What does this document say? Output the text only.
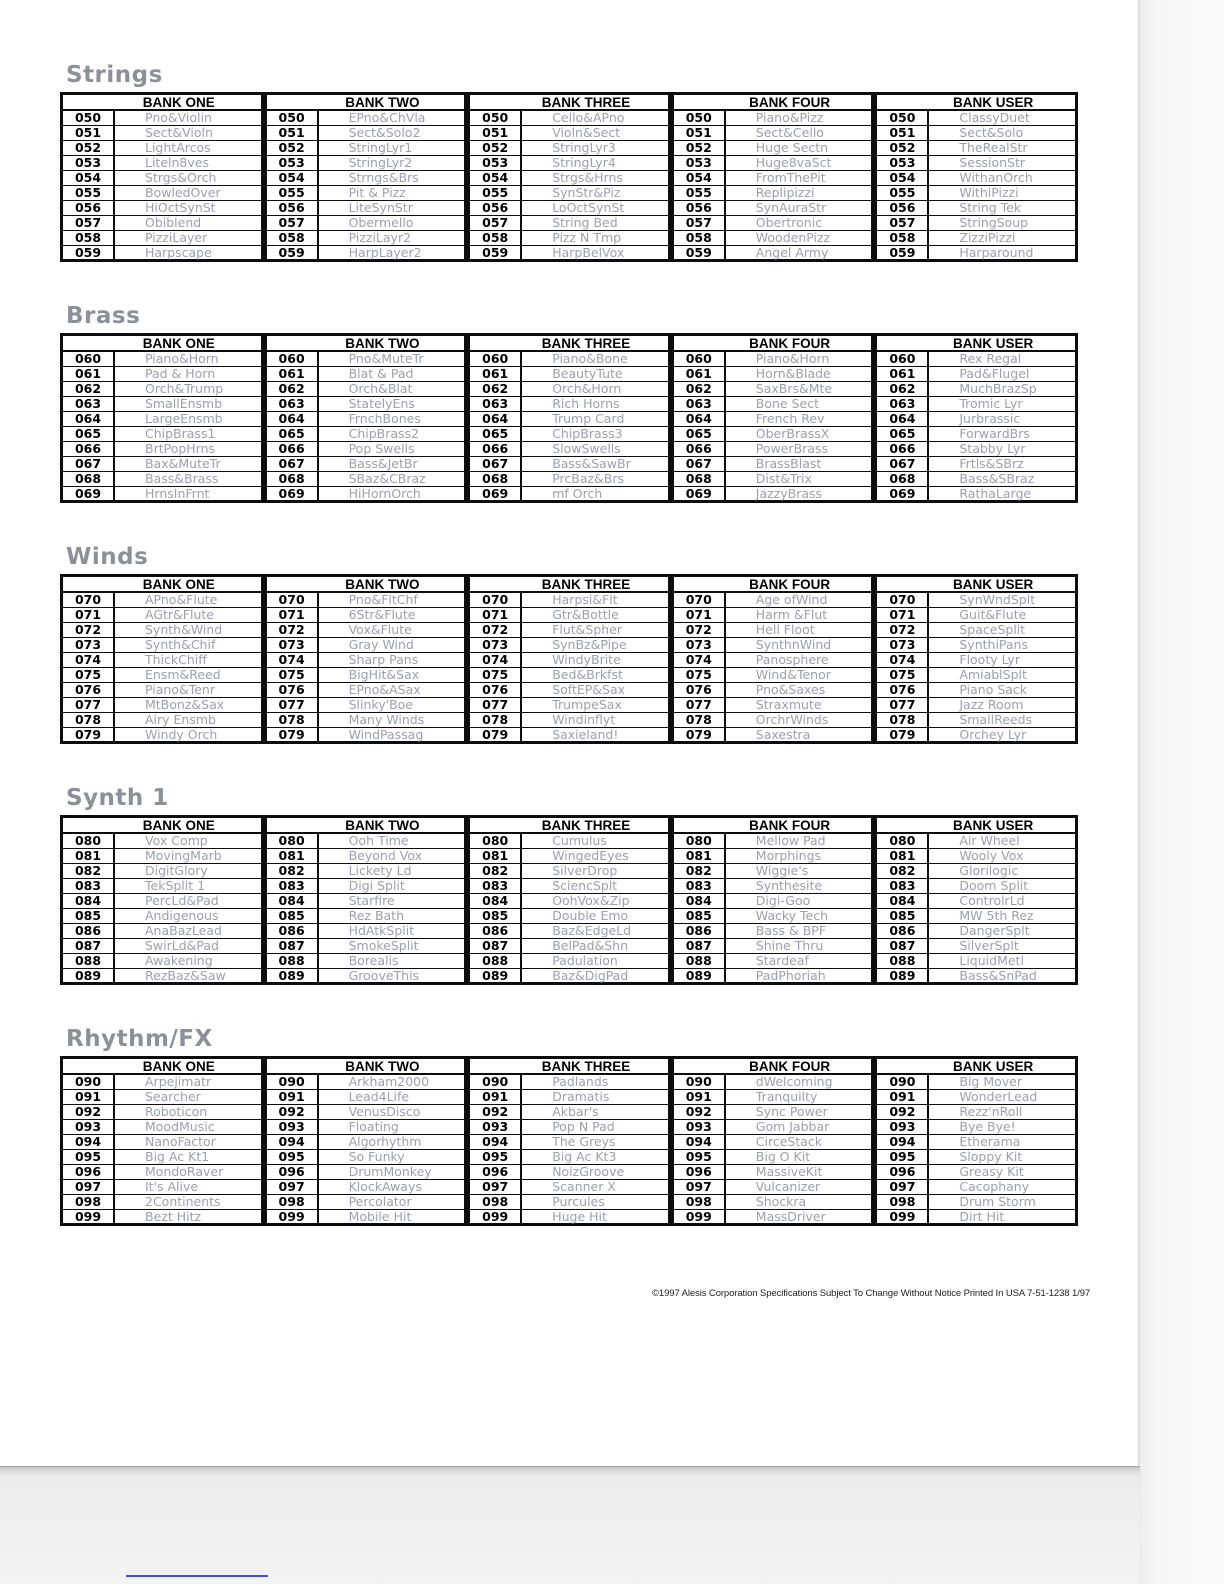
Strings
BANK ONE
050	Pno&Violin
051	Sect&Violn
052	LightArcos
053	Liteln8ves
054	Strgs&Orch
055	BowledOver
056	HiOctSynSt
057	Obiblend
058	PizziLayer
059	Harpscape
BANK TWO
050	EPno&ChVla
051	Sect&Solo2
052	StringLyr1
053	StringLyr2
054	Strngs&Brs
055	Pit & Pizz
056	LiteSynStr
057	Obermello
058	PizziLayr2
059	HarpLayer2
BANK THREE
050	Cello&APno
051	Violn&Sect
052	StringLyr3
053	StringLyr4
054	Strgs&Hrns
055	SynStr&Piz
056	LoOctSynSt
057	String Bed
058	Pizz N Tmp
059	HarpBelVox
BANK FOUR
050	Piano&Pizz
051	Sect&Cello
052	Huge Sectn
053	Huge8vaSct
054	FromThePit
055	Replipizzi
056	SynAuraStr
057	Obertronic
058	WoodenPizz
059	Angel Army
BANK USER
050	ClassyDuet
051	Sect&Solo
052	TheRealStr
053	SessionStr
054	WithanOrch
055	WithiPizzi
056	String Tek
057	StringSoup
058	ZizziPizzi
059	Harparound
Brass
BANK ONE
060	Piano&Horn
061	Pad & Horn
062	Orch&Trump
063	SmallEnsmb
064	LargeEnsmb
065	ChipBrass1
066	BrtPopHrns
067	Bax&MuteTr
068	Bass&Brass
069	HrnsInFrnt
BANK TWO
060	Pno&MuteTr
061	Blat & Pad
062	Orch&Blat
063	StatelyEns
064	FrnchBones
065	ChipBrass2
066	Pop Swells
067	Bass&JetBr
068	SBaz&CBraz
069	HiHornOrch
BANK THREE
060	Piano&Bone
061	BeautyTute
062	Orch&Horn
063	Rich Horns
064	Trump Card
065	ChipBrass3
066	SlowSwells
067	Bass&SawBr
068	PrcBaz&Brs
069	mf Orch
BANK FOUR
060	Piano&Horn
061	Horn&Blade
062	SaxBrs&Mte
063	Bone Sect
064	French Rev
065	OberBrassX
066	PowerBrass
067	BrassBlast
068	Dist&Trix
069	JazzyBrass
BANK USER
060	Rex Regal
061	Pad&Flugel
062	MuchBrazSp
063	Tromic Lyr
064	Jurbrassic
065	ForwardBrs
066	Stabby Lyr
067	Frtls&SBrz
068	Bass&SBraz
069	RathaLarge
Winds
BANK ONE
070	APno&Flute
071	AGtr&Flute
072	Synth&Wind
073	Synth&Chif
074	ThickChiff
075	Ensm&Reed
076	Piano&Tenr
077	MtBonz&Sax
078	Airy Ensmb
079	Windy Orch
BANK TWO
070	Pno&FltChf
071	6Str&Flute
072	Vox&Flute
073	Gray Wind
074	Sharp Pans
075	BigHit&Sax
076	EPno&ASax
077	Slinky'Boe
078	Many Winds
079	WindPassag
BANK THREE
070	Harpsi&Flt
071	Gtr&Bottle
072	Flut&Spher
073	SynBz&Pipe
074	WindyBrite
075	Bed&Brkfst
076	SoftEP&Sax
077	TrumpeSax
078	Windinflyt
079	Saxieland!
BANK FOUR
070	Age ofWind
071	Harm &Flut
072	Hell Floot
073	SynthnWind
074	Panosphere
075	Wind&Tenor
076	Pno&Saxes
077	Straxmute
078	OrchrWinds
079	Saxestra
BANK USER
070	SynWndSplt
071	Guit&Flute
072	SpaceSplit
073	SynthiPans
074	Flooty Lyr
075	AmiablSplt
076	Piano Sack
077	Jazz Room
078	SmallReeds
079	Orchey Lyr
Synth 1
BANK ONE
080	Vox Comp
081	MovingMarb
082	DigitGlory
083	TekSplit 1
084	PercLd&Pad
085	Andigenous
086	AnaBazLead
087	SwirLd&Pad
088	Awakening
089	RezBaz&Saw
BANK TWO
080	Ooh Time
081	Beyond Vox
082	Lickety Ld
083	Digi Split
084	Starfire
085	Rez Bath
086	HdAtkSplit
087	SmokeSplit
088	Borealis
089	GrooveThis
BANK THREE
080	Cumulus
081	WingedEyes
082	SilverDrop
083	SciencSplt
084	OohVox&Zip
085	Double Emo
086	Baz&EdgeLd
087	BelPad&Shn
088	Padulation
089	Baz&DigPad
BANK FOUR
080	Mellow Pad
081	Morphings
082	Wiggie's
083	Synthesite
084	Digi-Goo
085	Wacky Tech
086	Bass & BPF
087	Shine Thru
088	Stardeaf
089	PadPhoriah
BANK USER
080	Air Wheel
081	Wooly Vox
082	Glorilogic
083	Doom Split
084	ControlrLd
085	MW 5th Rez
086	DangerSplt
087	SilverSplt
088	LiquidMetl
089	Bass&SnPad
Rhythm/FX
BANK ONE
090	Arpejimatr
091	Searcher
092	Roboticon
093	MoodMusic
094	NanoFactor
095	Big Ac Kt1
096	MondoRaver
097	It's Alive
098	2Continents
099	Bezt Hitz
BANK TWO
090	Arkham2000
091	Lead4Life
092	VenusDisco
093	Floating
094	Algorhythm
095	So Funky
096	DrumMonkey
097	KlockAways
098	Percolator
099	Mobile Hit
BANK THREE
090	Padlands
091	Dramatis
092	Akbar's
093	Pop N Pad
094	The Greys
095	Big Ac Kt3
096	NoizGroove
097	Scanner X
098	Purcules
099	Huge Hit
BANK FOUR
090	dWelcoming
091	Tranquilty
092	Sync Power
093	Gom Jabbar
094	CirceStack
095	Big O Kit
096	MassiveKit
097	Vulcanizer
098	Shockra
099	MassDriver
BANK USER
090	Big Mover
091	WonderLead
092	Rezz'nRoll
093	Bye Bye!
094	Etherama
095	Sloppy Kit
096	Greasy Kit
097	Cacophany
098	Drum Storm
099	Dirt Hit
©1997 Alesis Corporation Specifications Subject To Change Without Notice Printed In USA 7-51-1238 1/97
